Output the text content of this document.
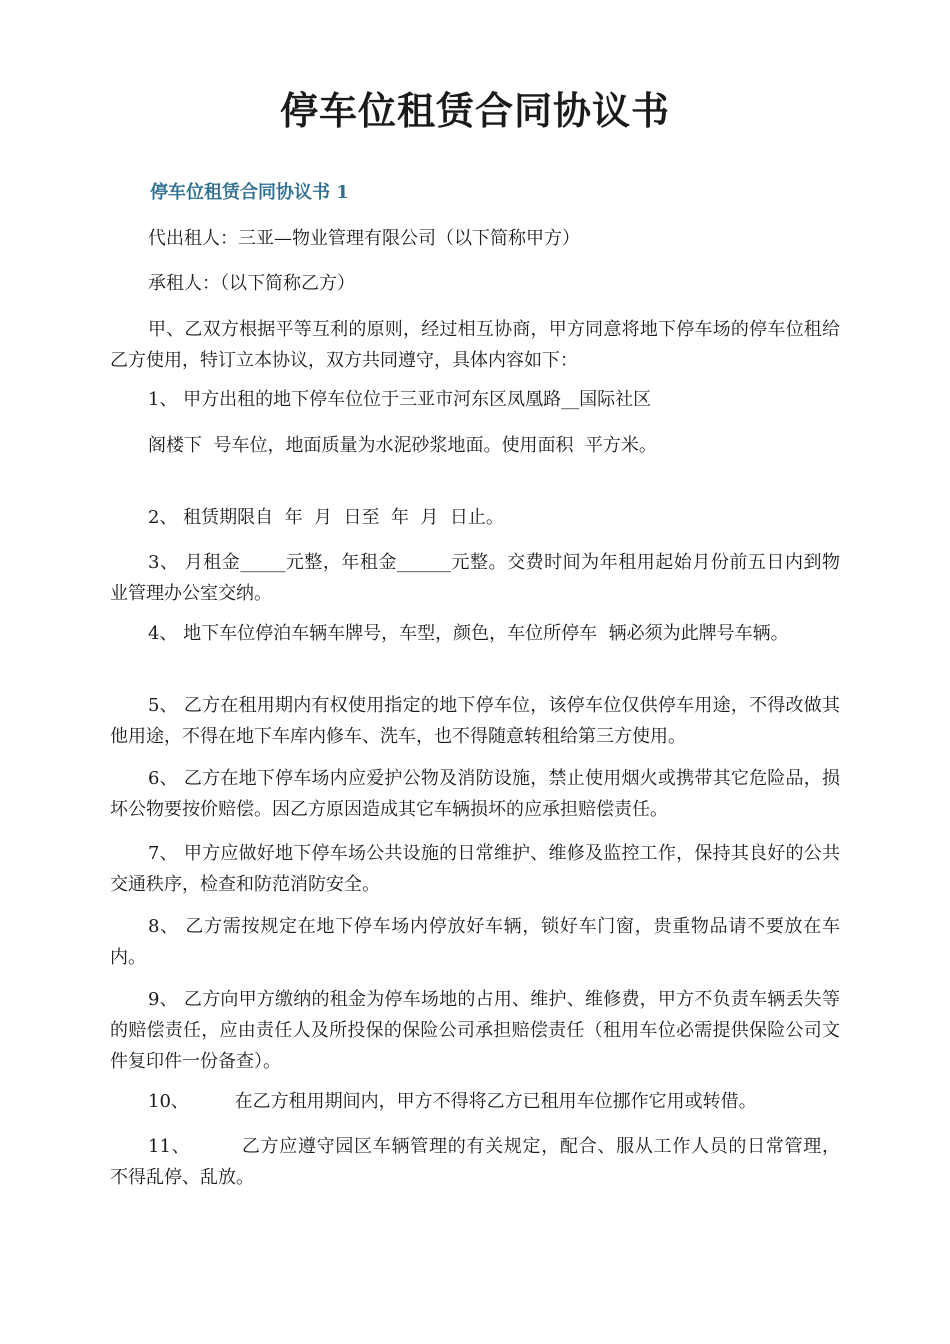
停车位租赁合同协议书
停车位租赁合同协议书 1

代出租人：三亚—物业管理有限公司（以下简称甲方）

承租人：（以下简称乙方）

甲、乙双方根据平等互利的原则，经过相互协商，甲方同意将地下停车场的停车位租给乙方使用，特订立本协议，双方共同遵守，具体内容如下：

1、 甲方出租的地下停车位位于三亚市河东区凤凰路__国际社区

阁楼下  号车位，地面质量为水泥砂浆地面。使用面积  平方米。

2、 租赁期限自  年  月  日至  年  月  日止。

3、 月租金_____元整，年租金______元整。交费时间为年租用起始月份前五日内到物业管理办公室交纳。

4、 地下车位停泊车辆车牌号，车型，颜色，车位所停车  辆必须为此牌号车辆。

5、 乙方在租用期内有权使用指定的地下停车位，该停车位仅供停车用途，不得改做其他用途，不得在地下车库内修车、洗车，也不得随意转租给第三方使用。

6、 乙方在地下停车场内应爱护公物及消防设施，禁止使用烟火或携带其它危险品，损坏公物要按价赔偿。因乙方原因造成其它车辆损坏的应承担赔偿责任。

7、 甲方应做好地下停车场公共设施的日常维护、维修及监控工作，保持其良好的公共交通秩序，检查和防范消防安全。

8、 乙方需按规定在地下停车场内停放好车辆，锁好车门窗，贵重物品请不要放在车内。

9、 乙方向甲方缴纳的租金为停车场地的占用、维护、维修费，甲方不负责车辆丢失等的赔偿责任，应由责任人及所投保的保险公司承担赔偿责任（租用车位必需提供保险公司文件复印件一份备查）。

10、        在乙方租用期间内，甲方不得将乙方已租用车位挪作它用或转借。

11、        乙方应遵守园区车辆管理的有关规定，配合、服从工作人员的日常管理，  不得乱停、乱放。
